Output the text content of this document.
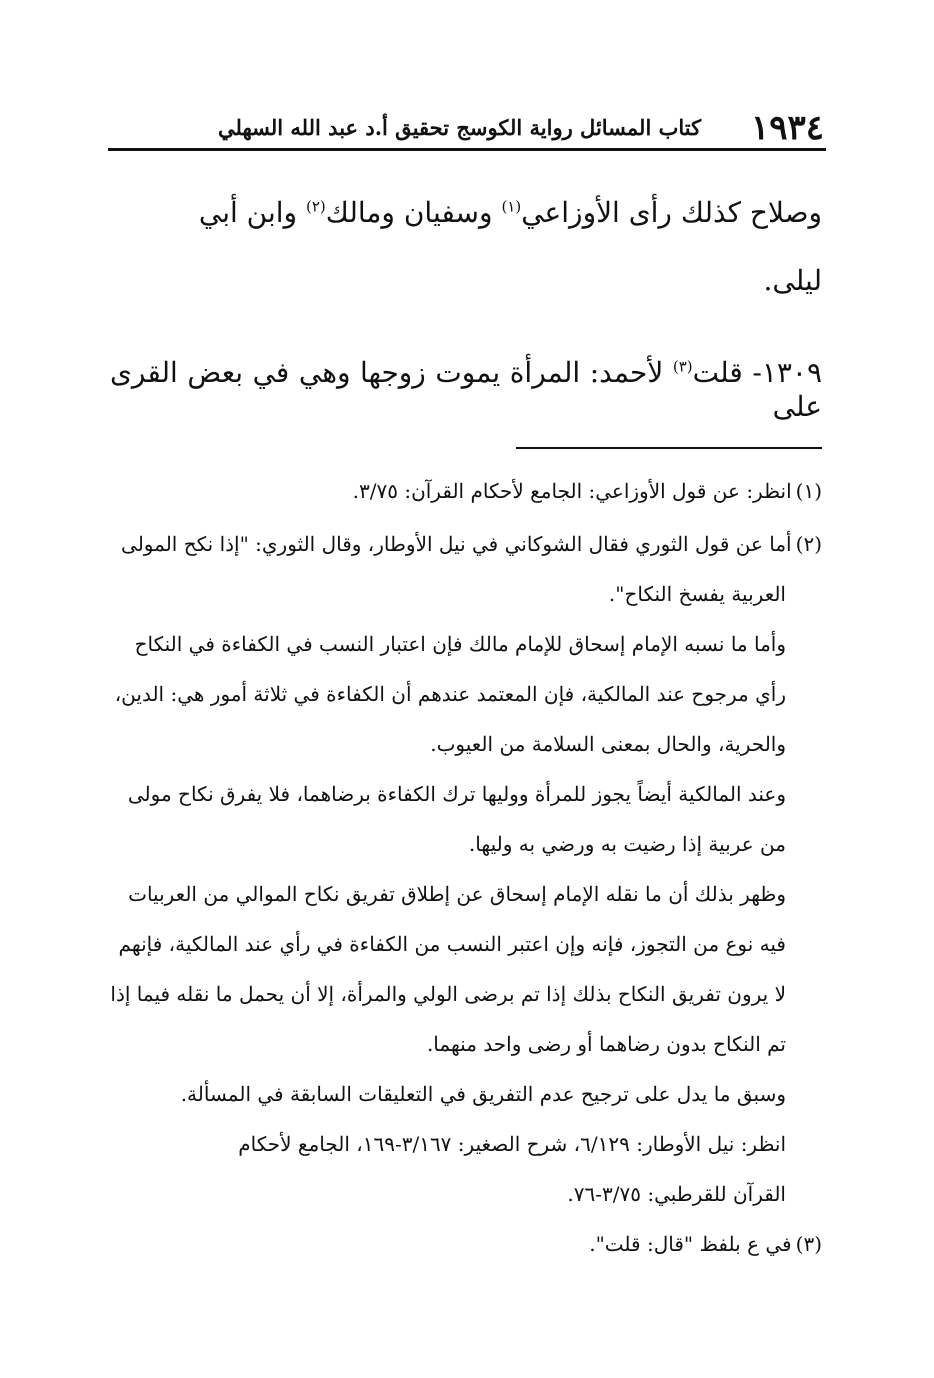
١٩٣٤
كتاب المسائل رواية الكوسج تحقيق أ.د عبد الله السهلي
وصلاح كذلك رأى الأوزاعي$^{(١)}$ وسفيان ومالك$^{(٢)}$ وابن أبي
ليلى.
١٣٠٩- قلت$^{(٣)}$ لأحمد: المرأة يموت زوجها وهي في بعض القرى على
(١)انظر: عن قول الأوزاعي: الجامع لأحكام القرآن: ٣/٧٥.
(٢)أما عن قول الثوري فقال الشوكاني في نيل الأوطار، وقال الثوري: "إذا نكح المولى
العربية يفسخ النكاح".
وأما ما نسبه الإمام إسحاق للإمام مالك فإن اعتبار النسب في الكفاءة في النكاح
رأي مرجوح عند المالكية، فإن المعتمد عندهم أن الكفاءة في ثلاثة أمور هي: الدين،
والحرية، والحال بمعنى السلامة من العيوب.
وعند المالكية أيضاً يجوز للمرأة ووليها ترك الكفاءة برضاهما، فلا يفرق نكاح مولى
من عربية إذا رضيت به ورضي به وليها.
وظهر بذلك أن ما نقله الإمام إسحاق عن إطلاق تفريق نكاح الموالي من العربيات
فيه نوع من التجوز، فإنه وإن اعتبر النسب من الكفاءة في رأي عند المالكية، فإنهم
لا يرون تفريق النكاح بذلك إذا تم برضى الولي والمرأة، إلا أن يحمل ما نقله فيما إذا
تم النكاح بدون رضاهما أو رضى واحد منهما.
وسبق ما يدل على ترجيح عدم التفريق في التعليقات السابقة في المسألة.
انظر: نيل الأوطار: ٦/١٢٩، شرح الصغير: ٣/١٦٧-١٦٩، الجامع لأحكام
القرآن للقرطبي: ٣/٧٥-٧٦.
(٣)في ع بلفظ "قال: قلت".
